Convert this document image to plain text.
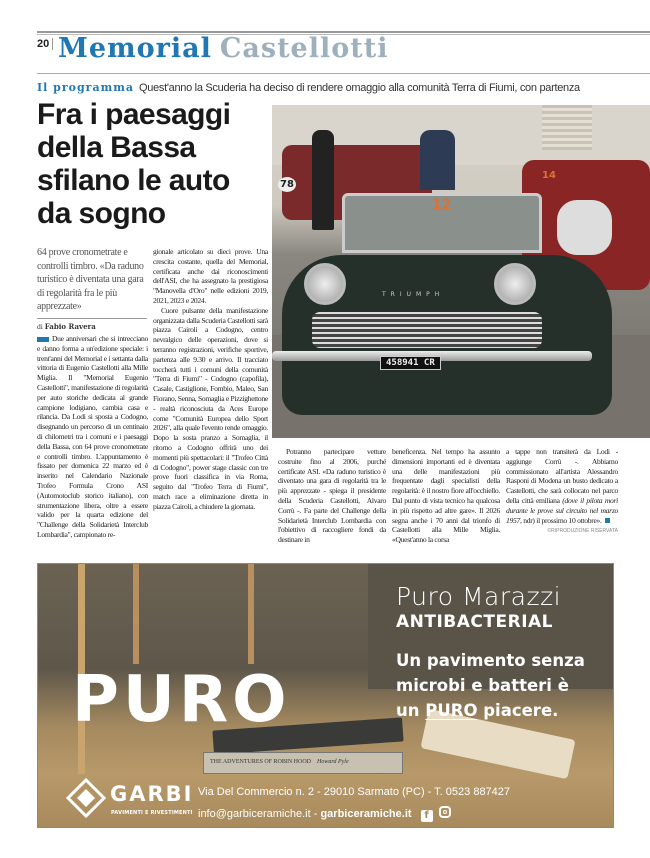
20 Memorial Castellotti
Il programma Quest'anno la Scuderia ha deciso di rendere omaggio alla comunità Terra di Fiumi, con partenza
Fra i paesaggi della Bassa sfilano le auto da sogno
78
14
12
TRIUMPH
458941 CR
64 prove cronometrate e controlli timbro. «Da raduno turistico è diventata una gara di regolarità fra le più apprezzate»
di Fabio Ravera

Due anniversari che si intrecciano e danno forma a un'edizione speciale: i trent'anni del Memorial e i settanta dalla vittoria di Eugenio Castellotti alla Mille Miglia. Il "Memorial Eugenio Castellotti", manifestazione di regolarità per auto storiche dedicata al grande campione lodigiano, cambia casa e rilancia. Da Lodi si sposta a Codogno, disegnando un percorso di un centinaio di chilometri tra i comuni e i paesaggi della Bassa, con 64 prove cronometrate e controlli timbro. L'appuntamento è fissato per domenica 22 marzo ed è inserito nel Calendario Nazionale Trofeo Formula Crono ASI (Automotoclub storico italiano), con strumentazione libera, oltre a essere valido per la quarta edizione del "Challenge della Solidarietà Interclub Lombardia", campionato re-

gionale articolato su dieci prove. Una crescita costante, quella del Memorial, certificata anche dai riconoscimenti dell'ASI, che ha assegnato la prestigiosa "Manovella d'Oro" nelle edizioni 2019, 2021, 2023 e 2024.

Cuore pulsante della manifestazione organizzata dalla Scuderia Castellotti sarà piazza Cairoli a Codogno, centro nevralgico delle operazioni, dove si terranno registrazioni, verifiche sportive, partenza alle 9.30 e arrivo. Il tracciato toccherà tutti i comuni della comunità "Terra di Fiumi" - Codogno (capofila), Casale, Castiglione, Fombio, Maleo, San Fiorano, Senna, Somaglia e Pizzighettone - realtà riconosciuta da Aces Europe come "Comunità Europea dello Sport 2026", alla quale l'evento rende omaggio. Dopo la sosta pranzo a Somaglia, il ritorno a Codogno offrirà uno dei momenti più spettacolari: il "Trofeo Città di Codogno", power stage classic con tre prove fuori classifica in via Roma, seguito dal "Trofeo Terra di Fiumi", match race a eliminazione diretta in piazza Cairoli, a chiudere la giornata.

Potranno partecipare vetture costruite fino al 2006, purché certificate ASI. «Da raduno turistico è diventato una gara di regolarità tra le più apprezzate - spiega il presidente della Scuderia Castellotti, Alvaro Corrù -. Fa parte del Challenge della Solidarietà Interclub Lombardia con l'obiettivo di raccogliere fondi da destinare in

beneficenza. Nel tempo ha assunto dimensioni importanti ed è diventata una delle manifestazioni più frequentate dagli specialisti della regolarità: è il nostro fiore all'occhiello. Dal punto di vista tecnico ha qualcosa in più rispetto ad altre gare». Il 2026 segna anche i 70 anni dal trionfo di Castellotti alla Mille Miglia. «Quest'anno la corsa

a tappe non transiterà da Lodi - aggiunge Corrù -. Abbiamo commissionato all'artista Alessandro Rasponi di Modena un busto dedicato a Castellotti, che sarà collocato nel parco della città emiliana (dove il pilota morì durante le prove sul circuito nel marzo 1957, ndr) il prossimo 10 ottobre».

©RIPRODUZIONE RISERVATA
THE ADVENTURES OF ROBIN HOOD Howard Pyle
Puro Marazzi
ANTIBACTERIAL
Un pavimento senza
microbi e batteri è
un PURO piacere.
PURO
GARBI
PAVIMENTI E RIVESTIMENTI
Via Del Commercio n. 2 - 29010 Sarmato (PC) - T. 0523 887427
info@garbiceramiche.it - garbiceramiche.it f
